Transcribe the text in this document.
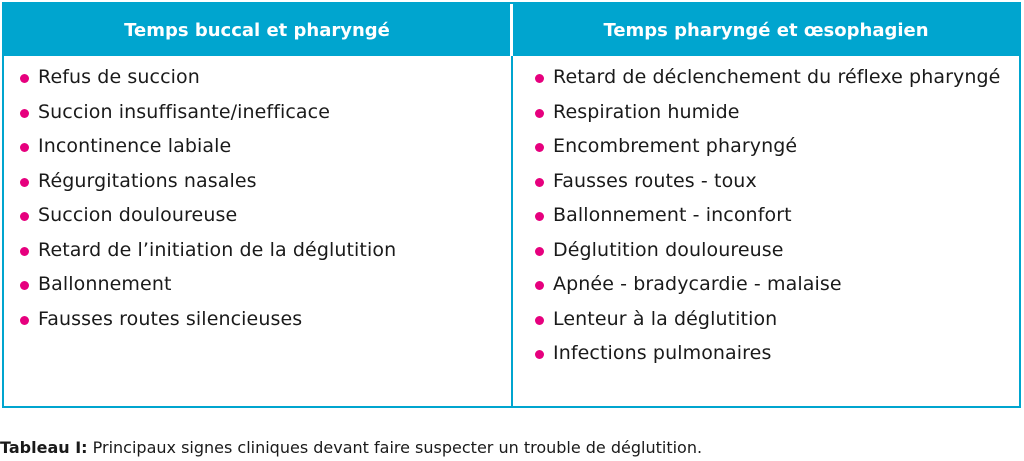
Temps buccal et pharyngé	Temps pharyngé et œsophagien
Refus de succion
Succion insuffisante/inefficace
Incontinence labiale
Régurgitations nasales
Succion douloureuse
Retard de l’initiation de la déglutition
Ballonnement
Fausses routes silencieuses
Retard de déclenchement du réflexe pharyngé
Respiration humide
Encombrement pharyngé
Fausses routes - toux
Ballonnement - inconfort
Déglutition douloureuse
Apnée - bradycardie - malaise
Lenteur à la déglutition
Infections pulmonaires
Tableau I: Principaux signes cliniques devant faire suspecter un trouble de déglutition.
